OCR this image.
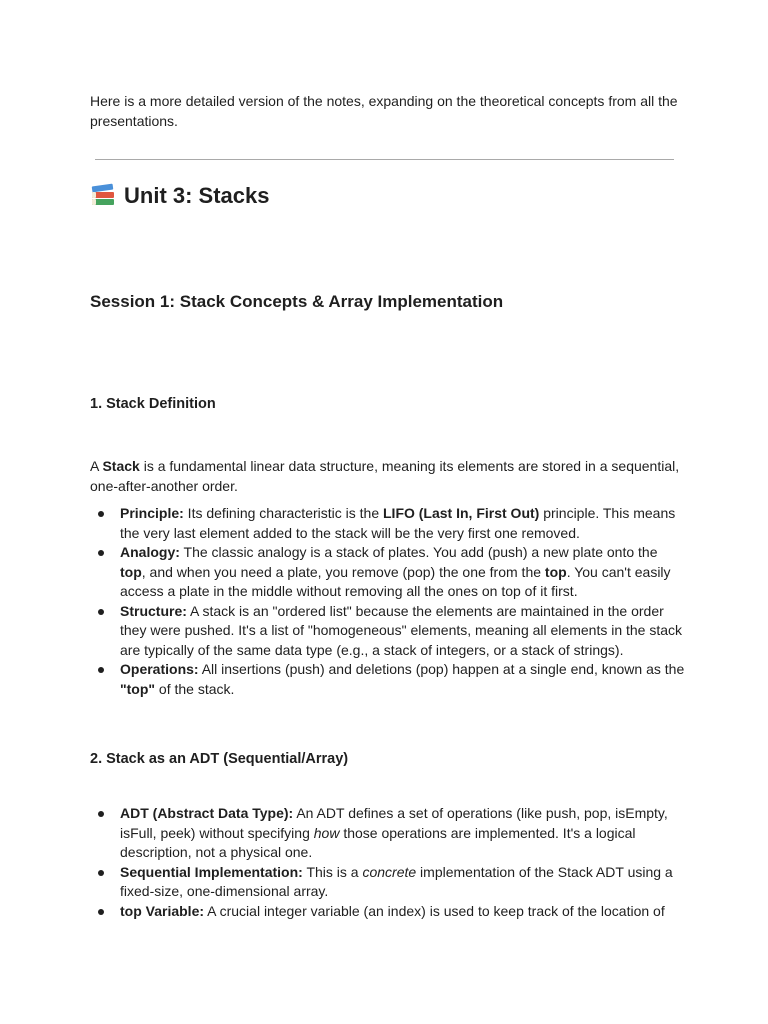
Here is a more detailed version of the notes, expanding on the theoretical concepts from all the presentations.

Unit 3: Stacks
Session 1: Stack Concepts & Array Implementation
1. Stack Definition

A Stack is a fundamental linear data structure, meaning its elements are stored in a sequential, one-after-another order.

Principle: Its defining characteristic is the LIFO (Last In, First Out) principle. This means the very last element added to the stack will be the very first one removed.
Analogy: The classic analogy is a stack of plates. You add (push) a new plate onto the top, and when you need a plate, you remove (pop) the one from the top. You can't easily access a plate in the middle without removing all the ones on top of it first.
Structure: A stack is an "ordered list" because the elements are maintained in the order they were pushed. It's a list of "homogeneous" elements, meaning all elements in the stack are typically of the same data type (e.g., a stack of integers, or a stack of strings).
Operations: All insertions (push) and deletions (pop) happen at a single end, known as the "top" of the stack.
2. Stack as an ADT (Sequential/Array)
ADT (Abstract Data Type): An ADT defines a set of operations (like push, pop, isEmpty, isFull, peek) without specifying how those operations are implemented. It's a logical description, not a physical one.
Sequential Implementation: This is a concrete implementation of the Stack ADT using a fixed-size, one-dimensional array.
top Variable: A crucial integer variable (an index) is used to keep track of the location of
